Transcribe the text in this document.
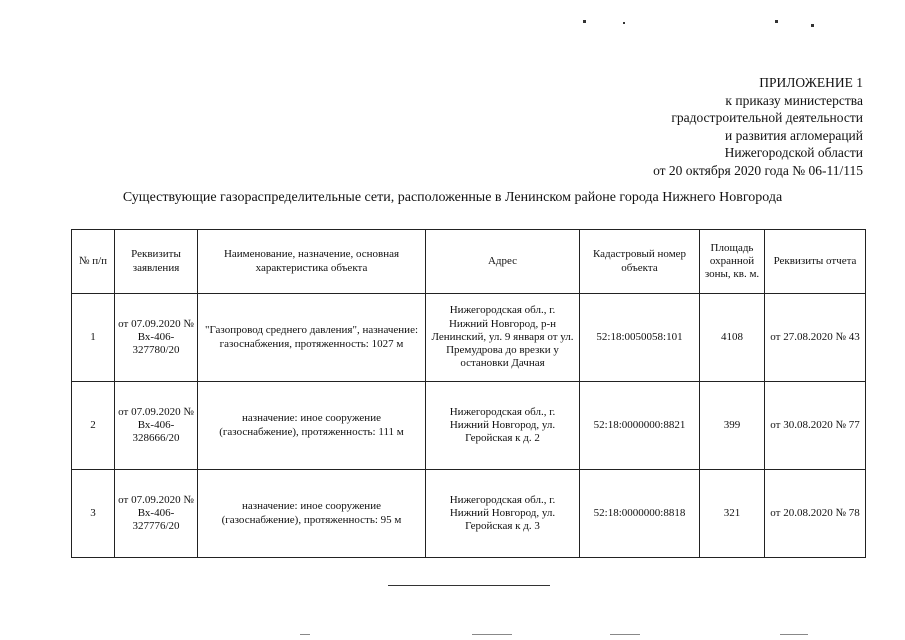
ПРИЛОЖЕНИЕ 1
к приказу министерства
градостроительной деятельности
и развития агломераций
Нижегородской области
от 20 октября 2020 года № 06-11/115
Существующие газораспределительные сети, расположенные в Ленинском районе города Нижнего Новгорода
№ п/п	Реквизиты заявления	Наименование, назначение, основная характеристика объекта	Адрес	Кадастровый номер объекта	Площадь охранной зоны, кв. м.	Реквизиты отчета
1	от 07.09.2020 № Вх-406-327780/20	"Газопровод среднего давления", назначение: газоснабжения, протяженность: 1027 м	Нижегородская обл., г. Нижний Новгород, р-н Ленинский, ул. 9 января от ул. Премудрова до врезки у остановки Дачная	52:18:0050058:101	4108	от 27.08.2020 № 43
2	от 07.09.2020 № Вх-406-328666/20	назначение: иное сооружение (газоснабжение), протяженность: 111 м	Нижегородская обл., г. Нижний Новгород, ул. Геройская к д. 2	52:18:0000000:8821	399	от 30.08.2020 № 77
3	от 07.09.2020 № Вх-406-327776/20	назначение: иное сооружение (газоснабжение), протяженность: 95 м	Нижегородская обл., г. Нижний Новгород, ул. Геройская к д. 3	52:18:0000000:8818	321	от 20.08.2020 № 78
